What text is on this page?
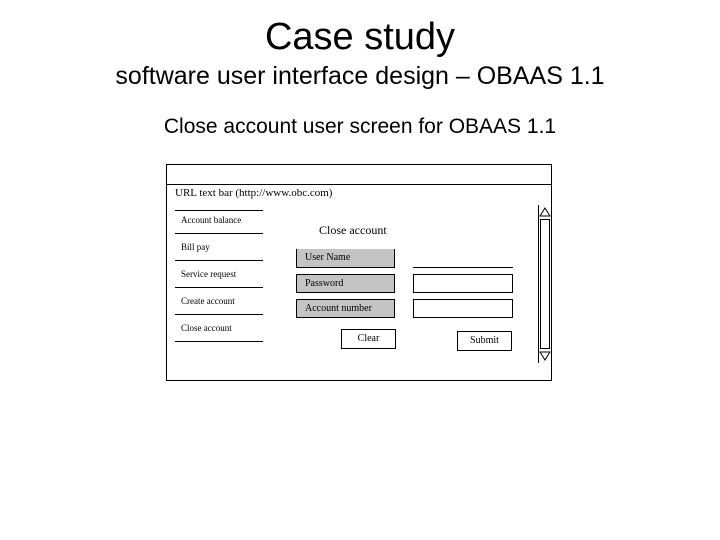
Case study
software user interface design – OBAAS 1.1
Close account user screen for OBAAS 1.1
URL text bar (http://www.obc.com)
Account balance
Bill pay
Service request
Create account
Close account
Close account
User Name
Password
Account number
Clear	Submit
